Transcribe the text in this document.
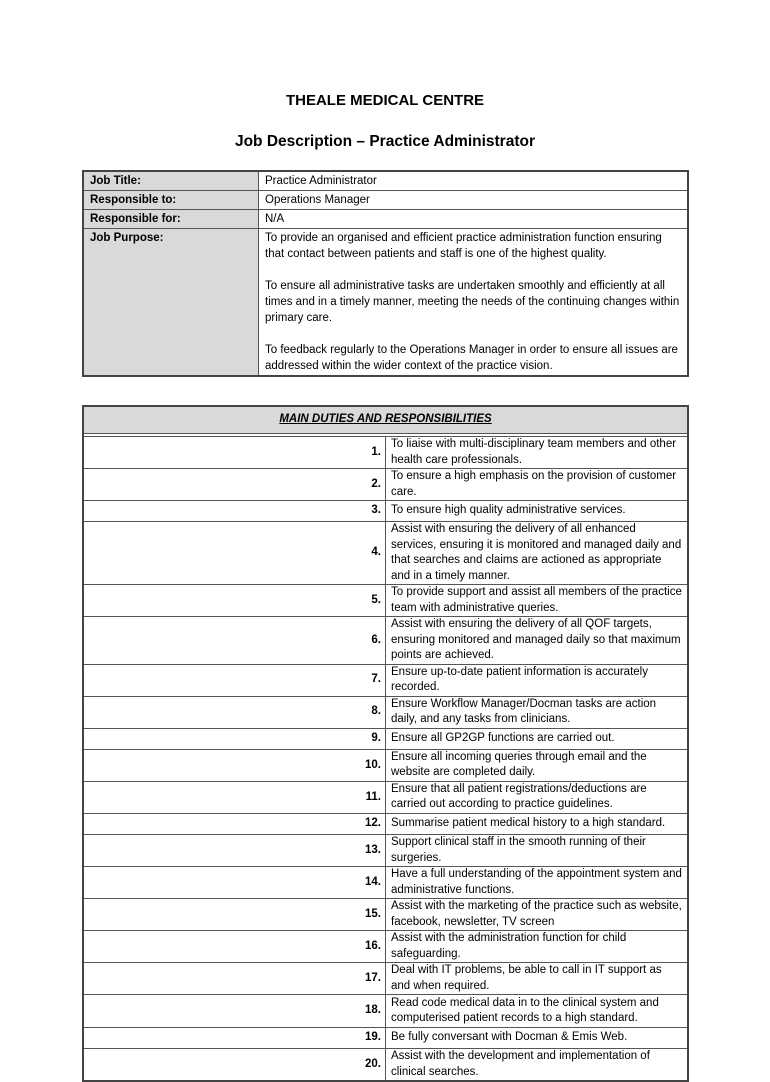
THEALE MEDICAL CENTRE
Job Description – Practice Administrator
Job Title:	Practice Administrator
Responsible to:	Operations Manager
Responsible for:	N/A
Job Purpose:	To provide an organised and efficient practice administration function ensuring that contact between patients and staff is one of the highest quality.

To ensure all administrative tasks are undertaken smoothly and efficiently at all times and in a timely manner, meeting the needs of the continuing changes within primary care.

To feedback regularly to the Operations Manager in order to ensure all issues are addressed within the wider context of the practice vision.

MAIN DUTIES AND RESPONSIBILITIES	

1.	To liaise with multi-disciplinary team members and other health care professionals.
2.	To ensure a high emphasis on the provision of customer care.
3.	To ensure high quality administrative services.
4.	Assist with ensuring the delivery of all enhanced services, ensuring it is monitored and managed daily and that searches and claims are actioned as appropriate and in a timely manner.
5.	To provide support and assist all members of the practice team with administrative queries.
6.	Assist with ensuring the delivery of all QOF targets, ensuring monitored and managed daily so that maximum points are achieved.
7.	Ensure up-to-date patient information is accurately recorded.
8.	Ensure Workflow Manager/Docman tasks are action daily, and any tasks from clinicians.
9.	Ensure all GP2GP functions are carried out.
10.	Ensure all incoming queries through email and the website are completed daily.
11.	Ensure that all patient registrations/deductions are carried out according to practice guidelines.
12.	Summarise patient medical history to a high standard.
13.	Support clinical staff in the smooth running of their surgeries.
14.	Have a full understanding of the appointment system and administrative functions.
15.	Assist with the marketing of the practice such as website, facebook, newsletter, TV screen
16.	Assist with the administration function for child safeguarding.
17.	Deal with IT problems, be able to call in IT support as and when required.
18.	Read code medical data in to the clinical system and computerised patient records to a high standard.
19.	Be fully conversant with Docman & Emis Web.
20.	Assist with the development and implementation of clinical searches.
